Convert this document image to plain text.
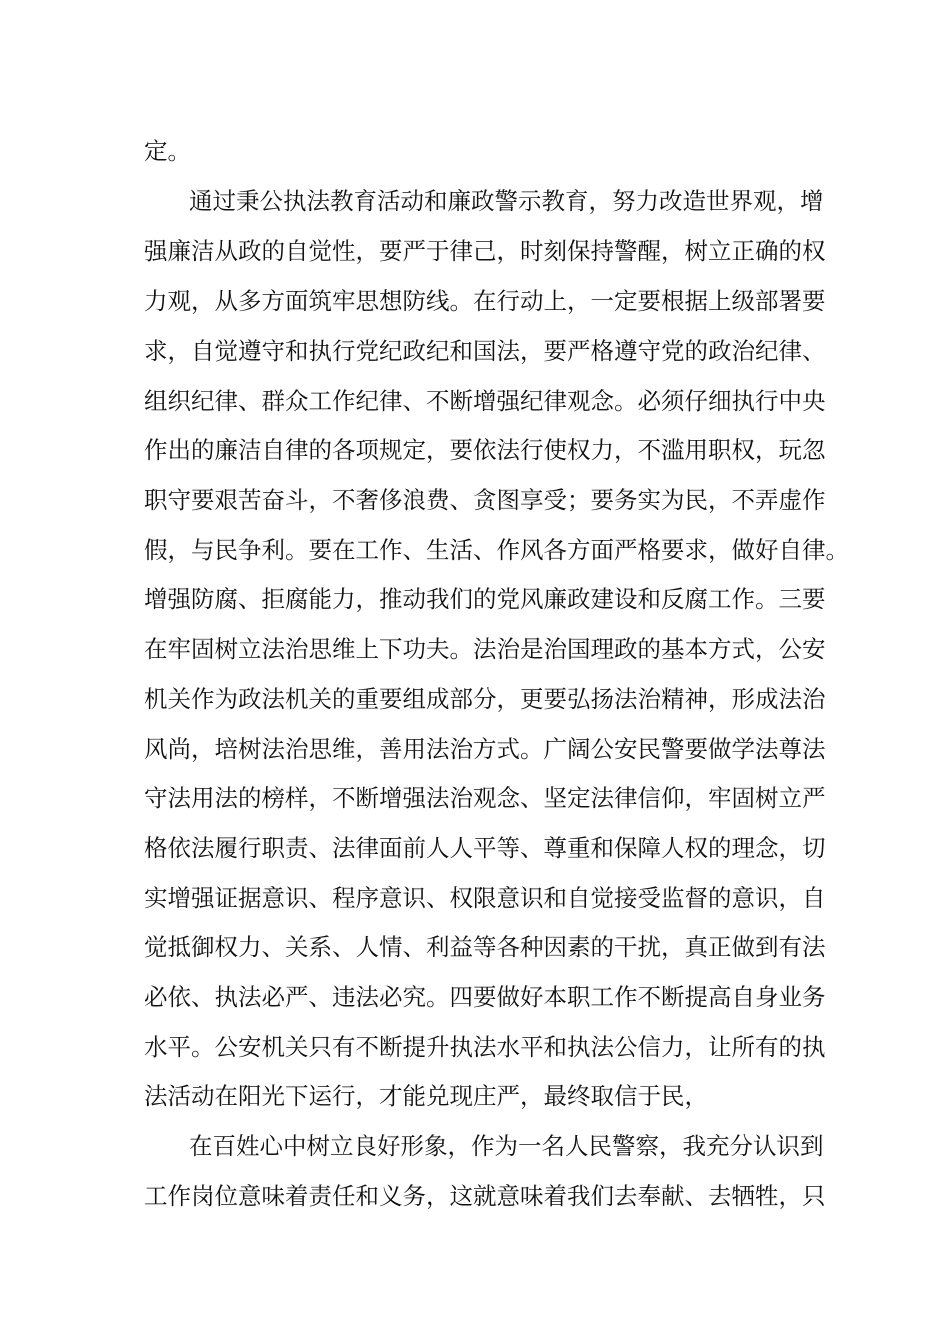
定。
通过秉公执法教育活动和廉政警示教育，努力改造世界观，增
强廉洁从政的自觉性，要严于律己，时刻保持警醒，树立正确的权
力观，从多方面筑牢思想防线。在行动上，一定要根据上级部署要
求，自觉遵守和执行党纪政纪和国法，要严格遵守党的政治纪律、
组织纪律、群众工作纪律、不断增强纪律观念。必须仔细执行中央
作出的廉洁自律的各项规定，要依法行使权力，不滥用职权，玩忽
职守要艰苦奋斗，不奢侈浪费、贪图享受；要务实为民，不弄虚作
假，与民争利。要在工作、生活、作风各方面严格要求，做好自律。
增强防腐、拒腐能力，推动我们的党风廉政建设和反腐工作。三要
在牢固树立法治思维上下功夫。法治是治国理政的基本方式，公安
机关作为政法机关的重要组成部分，更要弘扬法治精神，形成法治
风尚，培树法治思维，善用法治方式。广阔公安民警要做学法尊法
守法用法的榜样，不断增强法治观念、坚定法律信仰，牢固树立严
格依法履行职责、法律面前人人平等、尊重和保障人权的理念，切
实增强证据意识、程序意识、权限意识和自觉接受监督的意识，自
觉抵御权力、关系、人情、利益等各种因素的干扰，真正做到有法
必依、执法必严、违法必究。四要做好本职工作不断提高自身业务
水平。公安机关只有不断提升执法水平和执法公信力，让所有的执
法活动在阳光下运行，才能兑现庄严，最终取信于民，
在百姓心中树立良好形象，作为一名人民警察，我充分认识到
工作岗位意味着责任和义务，这就意味着我们去奉献、去牺牲，只
